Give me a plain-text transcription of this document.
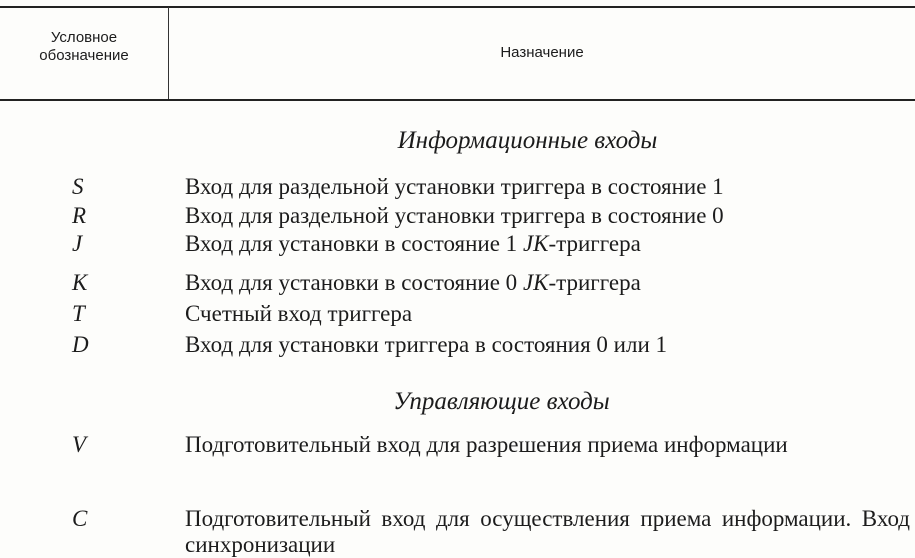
Условное
обозначение	Назначение
Информационные входы
S	Вход для раздельной установки триггера в состояние 1
R	Вход для раздельной установки триггера в состояние 0
J	Вход для установки в состояние 1 JK-триггера
K	Вход для установки в состояние 0 JK-триггера
T	Счетный вход триггера
D	Вход для установки триггера в состояния 0 или 1
Управляющие входы
V	Подготовительный вход для разрешения приема информации
C	Подготовительный вход для осуществления приема информации. Вход синхронизации
